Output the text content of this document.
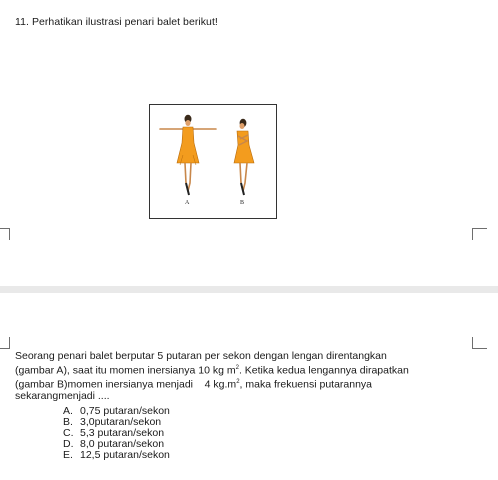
11. Perhatikan ilustrasi penari balet berikut!
A	B
Seorang penari balet berputar 5 putaran per sekon dengan lengan direntangkan
(gambar A), saat itu momen inersianya 10 kg $m^2$. Ketika kedua lengannya dirapatkan
(gambar B)momen inersianya menjadi 4 $kg.m^2$, maka frekuensi putarannya
sekarangmenjadi ....
A. 0,75 putaran/sekon
B. 3,0putaran/sekon
C. 5,3 putaran/sekon
D. 8,0 putaran/sekon
E. 12,5 putaran/sekon
